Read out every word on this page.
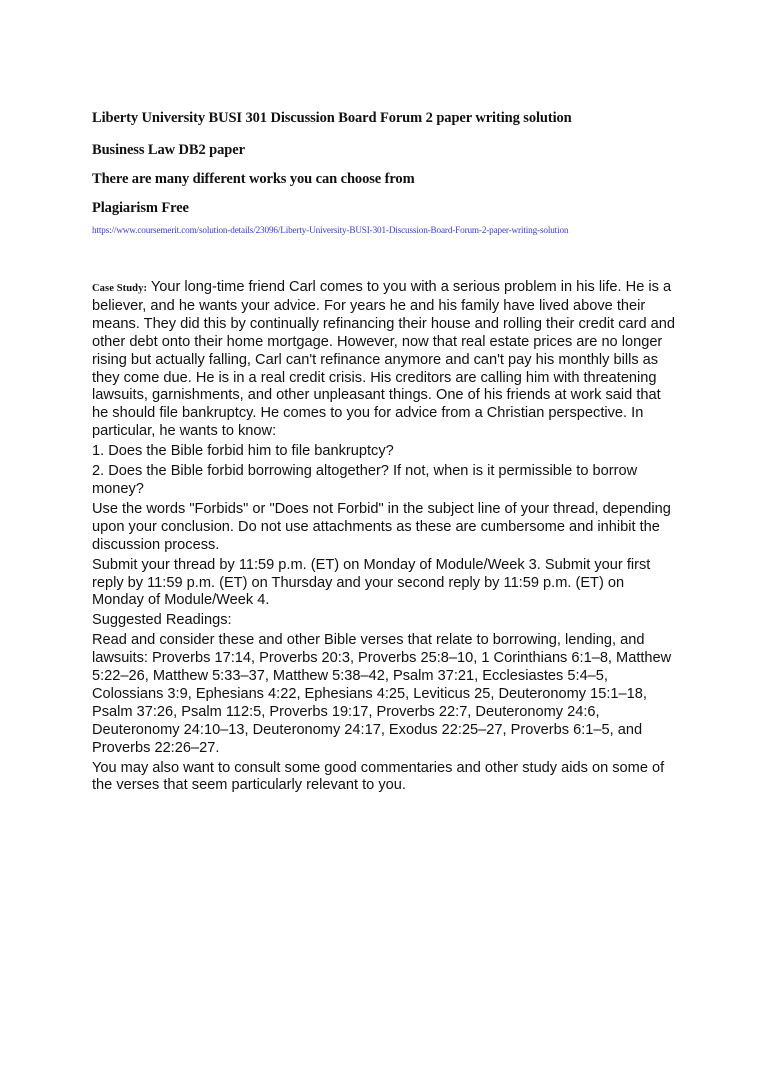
Liberty University BUSI 301 Discussion Board Forum 2 paper writing solution
Business Law DB2 paper
There are many different works you can choose from
Plagiarism Free
https://www.coursemerit.com/solution-details/23096/Liberty-University-BUSI-301-Discussion-Board-Forum-2-paper-writing-solution

Case Study: Your long-time friend Carl comes to you with a serious problem in his life. He is a believer, and he wants your advice. For years he and his family have lived above their means. They did this by continually refinancing their house and rolling their credit card and other debt onto their home mortgage. However, now that real estate prices are no longer rising but actually falling, Carl can't refinance anymore and can't pay his monthly bills as they come due. He is in a real credit crisis. His creditors are calling him with threatening lawsuits, garnishments, and other unpleasant things. One of his friends at work said that he should file bankruptcy. He comes to you for advice from a Christian perspective. In particular, he wants to know:

1. Does the Bible forbid him to file bankruptcy?

2. Does the Bible forbid borrowing altogether? If not, when is it permissible to borrow money?

Use the words "Forbids" or "Does not Forbid" in the subject line of your thread, depending upon your conclusion. Do not use attachments as these are cumbersome and inhibit the discussion process.

Submit your thread by 11:59 p.m. (ET) on Monday of Module/Week 3. Submit your first reply by 11:59 p.m. (ET) on Thursday and your second reply by 11:59 p.m. (ET) on Monday of Module/Week 4.

Suggested Readings:

Read and consider these and other Bible verses that relate to borrowing, lending, and lawsuits: Proverbs 17:14, Proverbs 20:3, Proverbs 25:8–10, 1 Corinthians 6:1–8, Matthew 5:22–26, Matthew 5:33–37, Matthew 5:38–42, Psalm 37:21, Ecclesiastes 5:4–5, Colossians 3:9, Ephesians 4:22, Ephesians 4:25, Leviticus 25, Deuteronomy 15:1–18, Psalm 37:26, Psalm 112:5, Proverbs 19:17, Proverbs 22:7, Deuteronomy 24:6, Deuteronomy 24:10–13, Deuteronomy 24:17, Exodus 22:25–27, Proverbs 6:1–5, and Proverbs 22:26–27.

You may also want to consult some good commentaries and other study aids on some of the verses that seem particularly relevant to you.
